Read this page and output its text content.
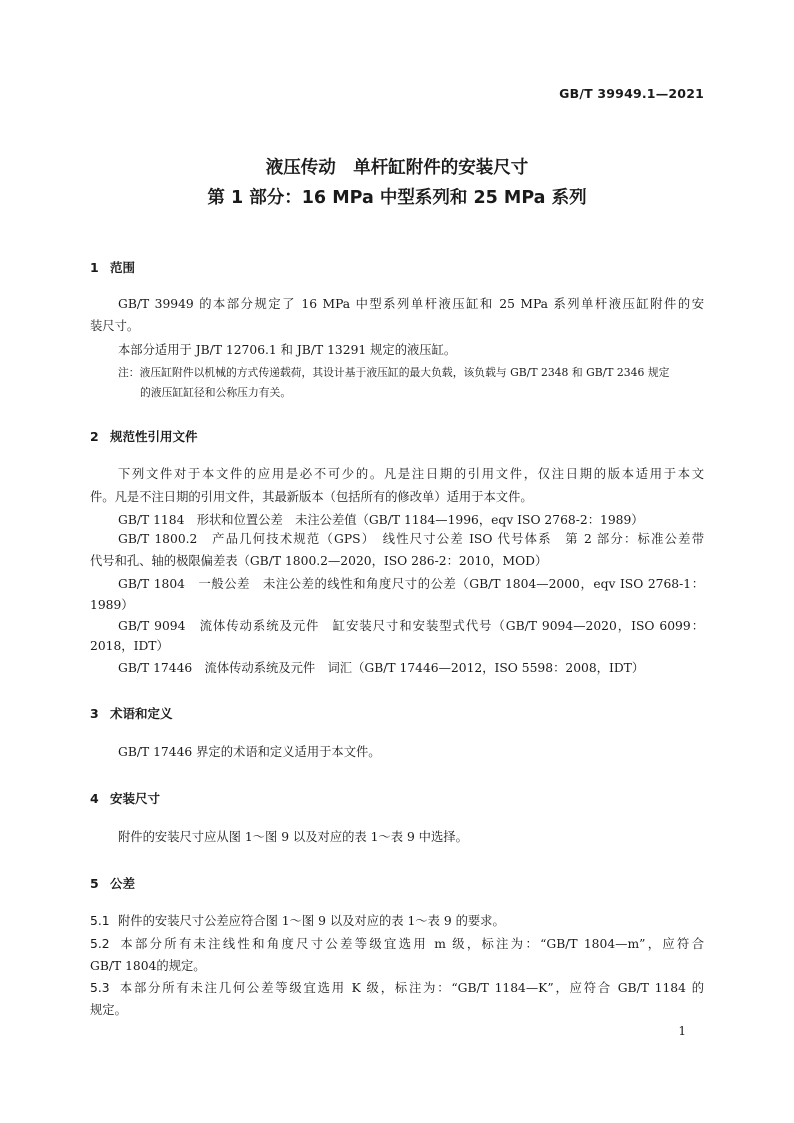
GB/T 39949.1—2021
液压传动　单杆缸附件的安装尺寸
第 1 部分：16 MPa 中型系列和 25 MPa 系列
1 范围
GB/T 39949 的本部分规定了 16 MPa 中型系列单杆液压缸和 25 MPa 系列单杆液压缸附件的安
装尺寸。
本部分适用于 JB/T 12706.1 和 JB/T 13291 规定的液压缸。
注：液压缸附件以机械的方式传递载荷，其设计基于液压缸的最大负载，该负载与 GB/T 2348 和 GB/T 2346 规定
的液压缸缸径和公称压力有关。
2 规范性引用文件
下列文件对于本文件的应用是必不可少的。凡是注日期的引用文件，仅注日期的版本适用于本文
件。凡是不注日期的引用文件，其最新版本（包括所有的修改单）适用于本文件。
GB/T 1184　形状和位置公差　未注公差值（GB/T 1184—1996，eqv ISO 2768-2：1989）
GB/T 1800.2　产品几何技术规范（GPS）　线性尺寸公差 ISO 代号体系　第 2 部分：标准公差带
代号和孔、轴的极限偏差表（GB/T 1800.2—2020，ISO 286-2：2010，MOD）
GB/T 1804　一般公差　未注公差的线性和角度尺寸的公差（GB/T 1804—2000，eqv ISO 2768-1：
1989）
GB/T 9094　流体传动系统及元件　缸安装尺寸和安装型式代号（GB/T 9094—2020，ISO 6099：
2018，IDT）
GB/T 17446　流体传动系统及元件　词汇（GB/T 17446—2012，ISO 5598：2008，IDT）
3 术语和定义
GB/T 17446 界定的术语和定义适用于本文件。
4 安装尺寸
附件的安装尺寸应从图 1～图 9 以及对应的表 1～表 9 中选择。
5 公差
5.1 附件的安装尺寸公差应符合图 1～图 9 以及对应的表 1～表 9 的要求。
5.2 本部分所有未注线性和角度尺寸公差等级宜选用 m 级，标注为：“GB/T 1804—m”，应符合
GB/T 1804的规定。
5.3 本部分所有未注几何公差等级宜选用 K 级，标注为：“GB/T 1184—K”，应符合 GB/T 1184 的
规定。
1
